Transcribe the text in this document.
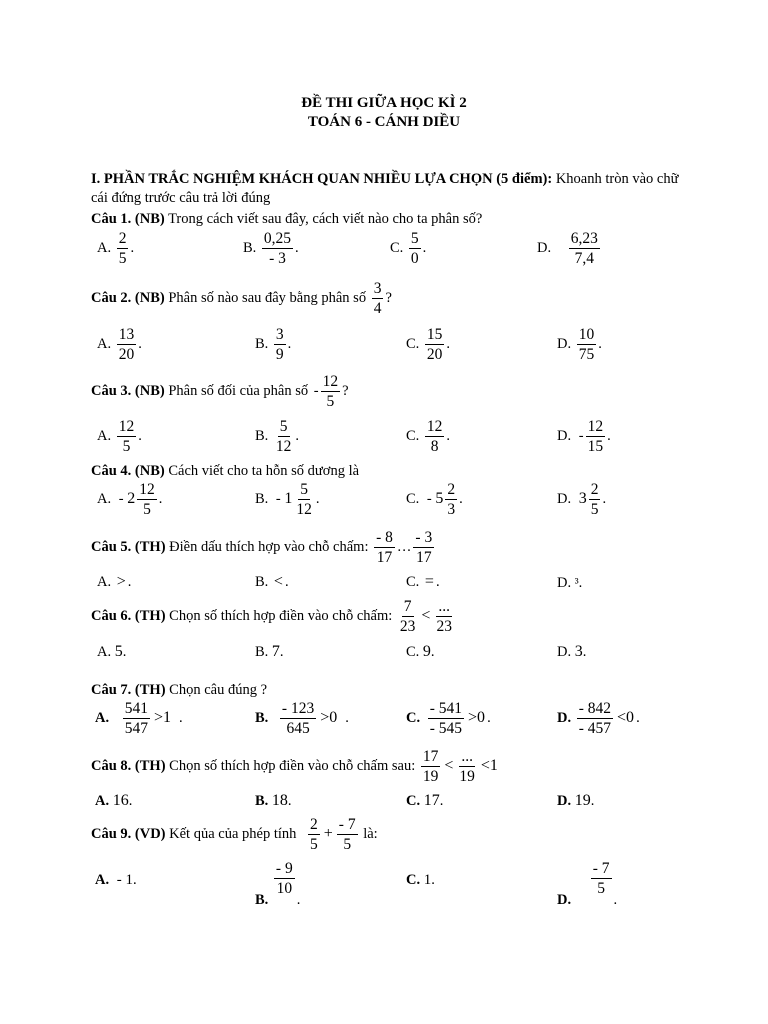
ĐỀ THI GIỮA HỌC KÌ 2
TOÁN 6 - CÁNH DIỀU
I. PHẦN TRẮC NGHIỆM KHÁCH QUAN NHIỀU LỰA CHỌN (5 điểm): Khoanh tròn vào chữ cái đứng trước câu trả lời đúng
Câu 1. (NB) Trong cách viết sau đây, cách viết nào cho ta phân số?
A. $\frac{2}{5}$ .	B. $\frac{0,25}{- 3}$ .	C. $\frac{5}{0}$ .	D. $\frac{6,23}{7,4}$
Câu 2. (NB) Phân số nào sau đây bằng phân số $\frac{3}{4}$ ?
A. $\frac{13}{20}$ .	B. $\frac{3}{9}$ .	C. $\frac{15}{20}$ .	D. $\frac{10}{75}$ .
Câu 3. (NB) Phân số đối của phân số - $\frac{12}{5}$ ?
A. $\frac{12}{5}$ .	B. $\frac{5}{12}$ .	C. $\frac{12}{8}$ .	D. - $\frac{12}{15}$ .
Câu 4. (NB) Cách viết cho ta hỗn số dương là
A. - $2 \frac{12}{5}$ .	B. - $1 \frac{5}{12}$ .	C. - $5 \frac{2}{3}$ .	D. $3 \frac{2}{5}$ .
Câu 5. (TH) Điền dấu thích hợp vào chỗ chấm: $\frac{- 8}{17}$ … $\frac{- 3}{17}$
A. > .	B. < .	C. = .	D. ³.
Câu 6. (TH) Chọn số thích hợp điền vào chỗ chấm: $\frac{7}{23} < \frac{...}{23}$
A. 5.	B. 7.	C. 9.	D. 3.
Câu 7. (TH) Chọn câu đúng ?
A. $\frac{541}{547} >1$ .	B. $\frac{- 123}{645} >0$ .	C. $\frac{- 541}{- 545} >0$ .	D. $\frac{- 842}{- 457} <0$ .
Câu 8. (TH) Chọn số thích hợp điền vào chỗ chấm sau: $\frac{17}{19} < \frac{...}{19} <1$
A. 16.	B. 18.	C. 17.	D. 19.
Câu 9. (VD) Kết qủa của phép tính $\frac{2}{5} + \frac{- 7}{5}$ là:
A. - 1.
B.
$\frac{- 9}{10}$
.
C. 1.
D.
$\frac{- 7}{5}$
.
